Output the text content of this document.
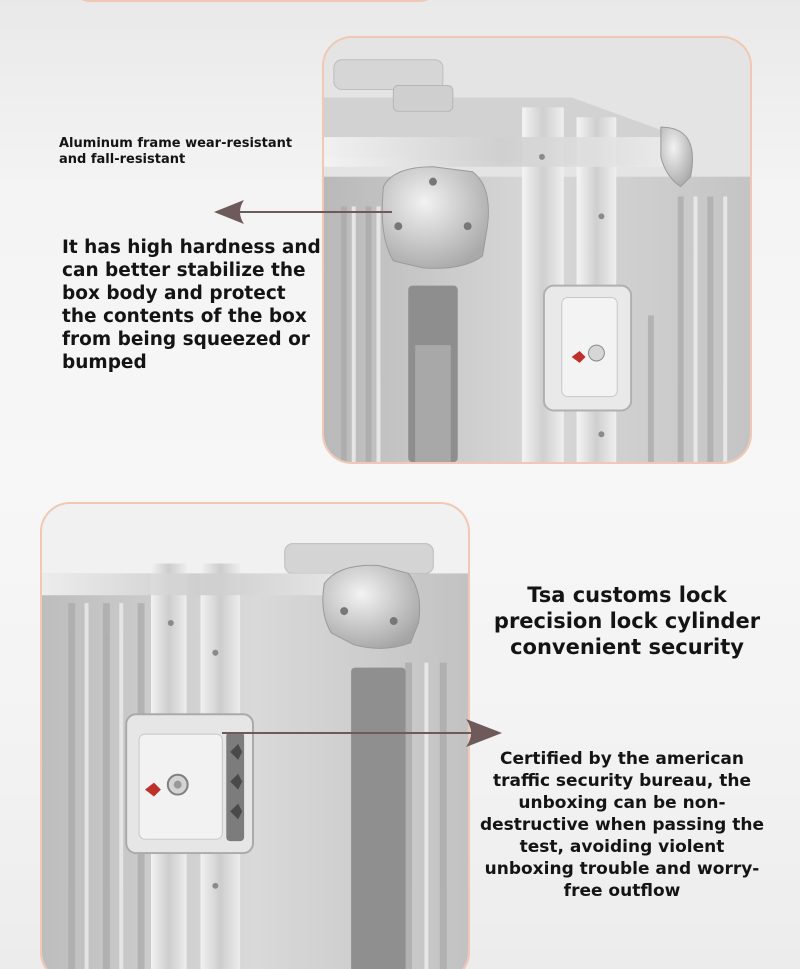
Aluminum frame wear-resistant and fall-resistant
It has high hardness and can better stabilize the box body and protect the contents of the box from being squeezed or bumped
Tsa customs lock precision lock cylinder convenient security
Certified by the american traffic security bureau, the unboxing can be non-destructive when passing the test, avoiding violent unboxing trouble and worry-free outflow
